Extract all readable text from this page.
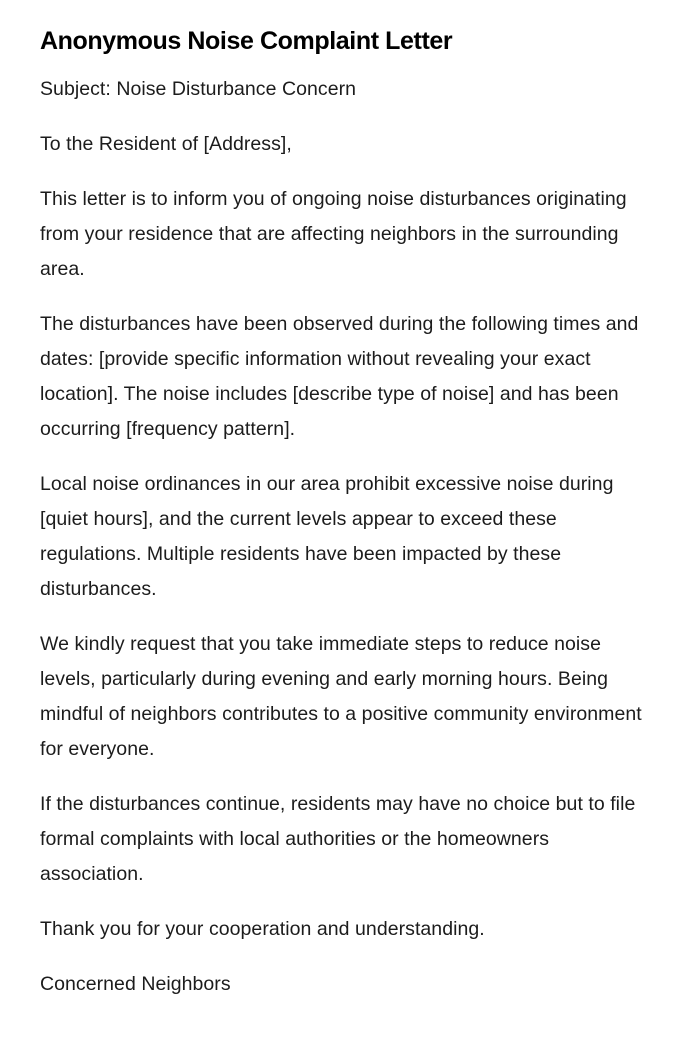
Anonymous Noise Complaint Letter

Subject: Noise Disturbance Concern

To the Resident of [Address],

This letter is to inform you of ongoing noise disturbances originating from your residence that are affecting neighbors in the surrounding area.

The disturbances have been observed during the following times and dates: [provide specific information without revealing your exact location]. The noise includes [describe type of noise] and has been occurring [frequency pattern].

Local noise ordinances in our area prohibit excessive noise during [quiet hours], and the current levels appear to exceed these regulations. Multiple residents have been impacted by these disturbances.

We kindly request that you take immediate steps to reduce noise levels, particularly during evening and early morning hours. Being mindful of neighbors contributes to a positive community environment for everyone.

If the disturbances continue, residents may have no choice but to file formal complaints with local authorities or the homeowners association.

Thank you for your cooperation and understanding.

Concerned Neighbors
